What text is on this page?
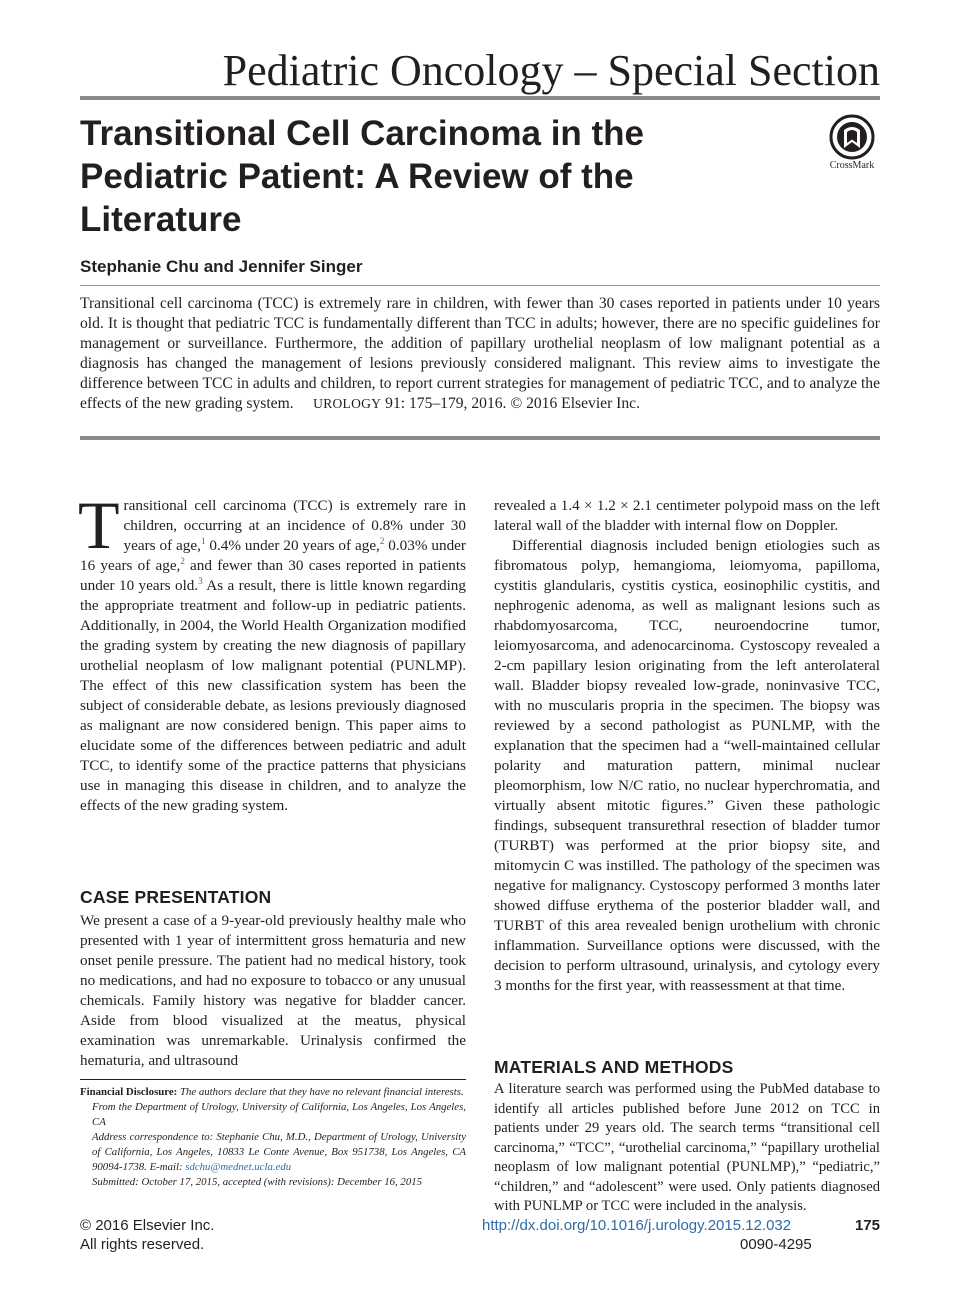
Pediatric Oncology – Special Section
Transitional Cell Carcinoma in the Pediatric Patient: A Review of the Literature
CrossMark
Stephanie Chu and Jennifer Singer
Transitional cell carcinoma (TCC) is extremely rare in children, with fewer than 30 cases reported in patients under 10 years old. It is thought that pediatric TCC is fundamentally different than TCC in adults; however, there are no specific guidelines for management or surveillance. Furthermore, the addition of papillary urothelial neoplasm of low malignant potential as a diagnosis has changed the management of lesions previously considered malignant. This review aims to investigate the difference between TCC in adults and children, to report current strategies for management of pediatric TCC, and to analyze the effects of the new grading system. UROLOGY 91: 175–179, 2016. © 2016 Elsevier Inc.

Transitional cell carcinoma (TCC) is extremely rare in children, occurring at an incidence of 0.8% under 30 years of age,$^1$ 0.4% under 20 years of age,$^2$ 0.03% under 16 years of age,$^2$ and fewer than 30 cases reported in patients under 10 years old.$^3$ As a result, there is little known regarding the appropriate treatment and follow-up in pediatric patients. Additionally, in 2004, the World Health Organization modified the grading system by creating the new diagnosis of papillary urothelial neoplasm of low malignant potential (PUNLMP). The effect of this new classification system has been the subject of considerable debate, as lesions previously diagnosed as malignant are now considered benign. This paper aims to elucidate some of the differences between pediatric and adult TCC, to identify some of the practice patterns that physicians use in managing this disease in children, and to analyze the effects of the new grading system.

CASE PRESENTATION

We present a case of a 9-year-old previously healthy male who presented with 1 year of intermittent gross hematuria and new onset penile pressure. The patient had no medical history, took no medications, and had no exposure to tobacco or any unusual chemicals. Family history was negative for bladder cancer. Aside from blood visualized at the meatus, physical examination was unremarkable. Urinalysis confirmed the hematuria, and ultrasound

Financial Disclosure: The authors declare that they have no relevant financial interests.

From the Department of Urology, University of California, Los Angeles, Los Angeles, CA

Address correspondence to: Stephanie Chu, M.D., Department of Urology, University of California, Los Angeles, 10833 Le Conte Avenue, Box 951738, Los Angeles, CA 90094-1738. E-mail: sdchu@mednet.ucla.edu

Submitted: October 17, 2015, accepted (with revisions): December 16, 2015

revealed a 1.4 × 1.2 × 2.1 centimeter polypoid mass on the left lateral wall of the bladder with internal flow on Doppler.

Differential diagnosis included benign etiologies such as fibromatous polyp, hemangioma, leiomyoma, papilloma, cystitis glandularis, cystitis cystica, eosinophilic cystitis, and nephrogenic adenoma, as well as malignant lesions such as rhabdomyosarcoma, TCC, neuroendocrine tumor, leiomyosarcoma, and adenocarcinoma. Cystoscopy revealed a 2-cm papillary lesion originating from the left anterolateral wall. Bladder biopsy revealed low-grade, noninvasive TCC, with no muscularis propria in the specimen. The biopsy was reviewed by a second pathologist as PUNLMP, with the explanation that the specimen had a “well-maintained cellular polarity and maturation pattern, minimal nuclear pleomorphism, low N/C ratio, no nuclear hyperchromatia, and virtually absent mitotic figures.” Given these pathologic findings, subsequent transurethral resection of bladder tumor (TURBT) was performed at the prior biopsy site, and mitomycin C was instilled. The pathology of the specimen was negative for malignancy. Cystoscopy performed 3 months later showed diffuse erythema of the posterior bladder wall, and TURBT of this area revealed benign urothelium with chronic inflammation. Surveillance options were discussed, with the decision to perform ultrasound, urinalysis, and cytology every 3 months for the first year, with reassessment at that time.

MATERIALS AND METHODS

A literature search was performed using the PubMed database to identify all articles published before June 2012 on TCC in patients under 29 years old. The search terms “transitional cell carcinoma,” “TCC”, “urothelial carcinoma,” “papillary urothelial neoplasm of low malignant potential (PUNLMP),” “pediatric,” “children,” and “adolescent” were used. Only patients diagnosed with PUNLMP or TCC were included in the analysis.

© 2016 Elsevier Inc.
All rights reserved.
http://dx.doi.org/10.1016/j.urology.2015.12.032
0090-4295
175
